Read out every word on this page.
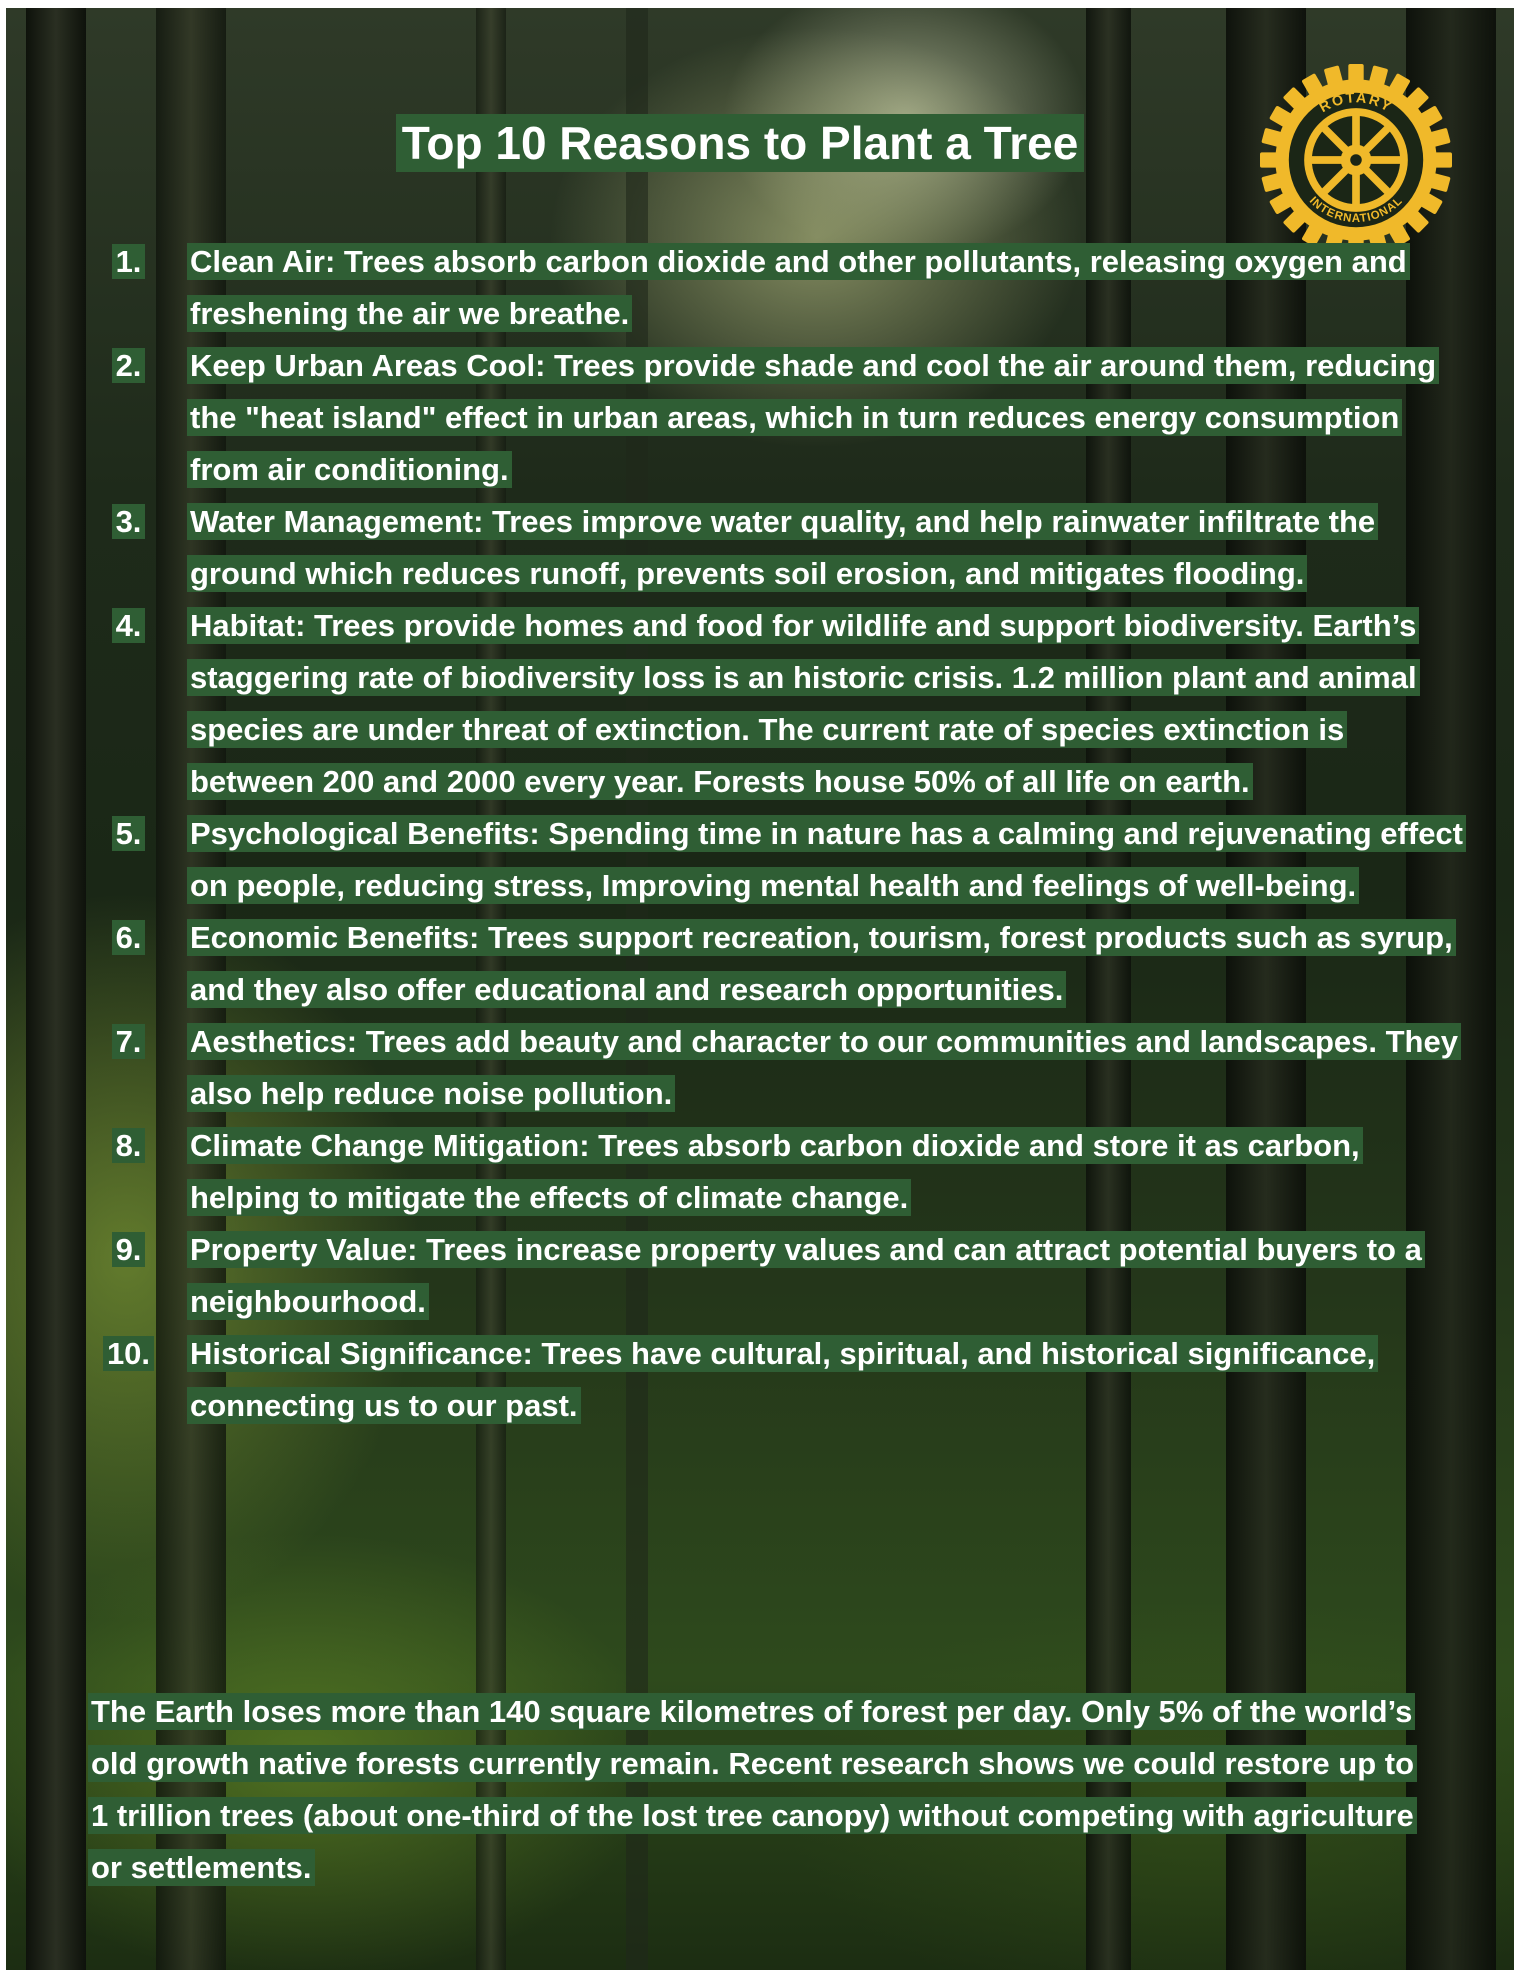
ROTARY
INTERNATIONAL
Top 10 Reasons to Plant a Tree
1.	Clean Air: Trees absorb carbon dioxide and other pollutants, releasing oxygen and freshening the air we breathe.

2.	Keep Urban Areas Cool: Trees provide shade and cool the air around them, reducing the "heat island" effect in urban areas, which in turn reduces energy consumption from air conditioning.

3.	Water Management: Trees improve water quality, and help rainwater infiltrate the ground which reduces runoff, prevents soil erosion, and mitigates flooding.

4.	Habitat: Trees provide homes and food for wildlife and support biodiversity. Earth’s staggering rate of biodiversity loss is an historic crisis. 1.2 million plant and animal species are under threat of extinction. The current rate of species extinction is between 200 and 2000 every year. Forests house 50% of all life on earth.

5.	Psychological Benefits: Spending time in nature has a calming and rejuvenating effect on people, reducing stress, Improving mental health and feelings of well-being.

6.	Economic Benefits: Trees support recreation, tourism, forest products such as syrup, and they also offer educational and research opportunities.

7.	Aesthetics: Trees add beauty and character to our communities and landscapes. They also help reduce noise pollution.

8.	Climate Change Mitigation: Trees absorb carbon dioxide and store it as carbon, helping to mitigate the effects of climate change.

9.	Property Value: Trees increase property values and can attract potential buyers to a neighbourhood.

10.	Historical Significance: Trees have cultural, spiritual, and historical significance, connecting us to our past.

The Earth loses more than 140 square kilometres of forest per day. Only 5% of the world’s old growth native forests currently remain. Recent research shows we could restore up to 1 trillion trees (about one-third of the lost tree canopy) without competing with agriculture or settlements.
